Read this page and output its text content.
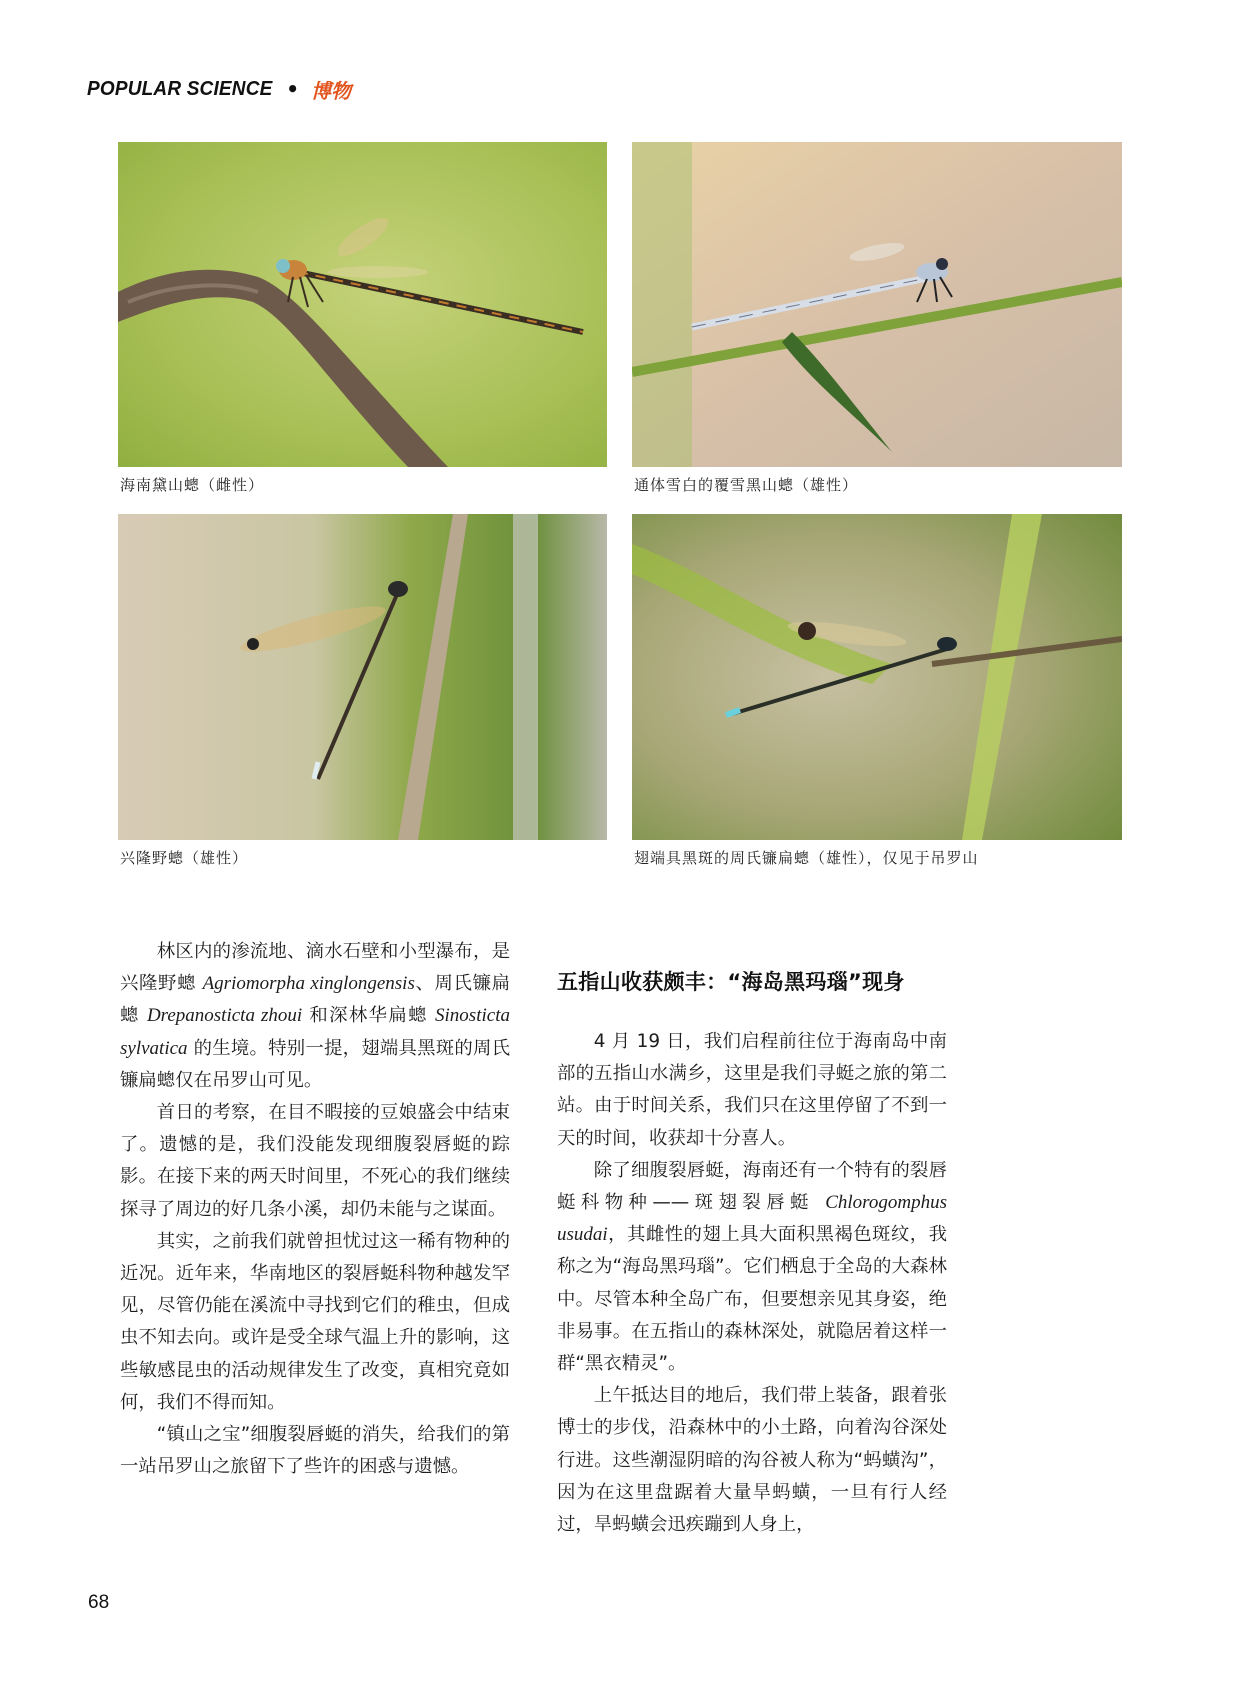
POPULAR SCIENCE • 博物
海南黛山蟌（雌性）	通体雪白的覆雪黑山蟌（雄性）
兴隆野蟌（雄性）	翅端具黑斑的周氏镰扁蟌（雄性），仅见于吊罗山

林区内的渗流地、滴水石壁和小型瀑布，是兴隆野蟌 Agriomorpha xinglongensis、周氏镰扁蟌 Drepanosticta zhoui 和深林华扁蟌 Sinosticta sylvatica 的生境。特别一提，翅端具黑斑的周氏镰扁蟌仅在吊罗山可见。

首日的考察，在目不暇接的豆娘盛会中结束了。遗憾的是，我们没能发现细腹裂唇蜓的踪影。在接下来的两天时间里，不死心的我们继续探寻了周边的好几条小溪，却仍未能与之谋面。

其实，之前我们就曾担忧过这一稀有物种的近况。近年来，华南地区的裂唇蜓科物种越发罕见，尽管仍能在溪流中寻找到它们的稚虫，但成虫不知去向。或许是受全球气温上升的影响，这些敏感昆虫的活动规律发生了改变，真相究竟如何，我们不得而知。

“镇山之宝”细腹裂唇蜓的消失，给我们的第一站吊罗山之旅留下了些许的困惑与遗憾。

五指山收获颇丰：“海岛黑玛瑙”现身

4 月 19 日，我们启程前往位于海南岛中南部的五指山水满乡，这里是我们寻蜓之旅的第二站。由于时间关系，我们只在这里停留了不到一天的时间，收获却十分喜人。

除了细腹裂唇蜓，海南还有一个特有的裂唇蜓科物种——斑翅裂唇蜓 Chlorogomphus usudai，其雌性的翅上具大面积黑褐色斑纹，我称之为“海岛黑玛瑙”。它们栖息于全岛的大森林中。尽管本种全岛广布，但要想亲见其身姿，绝非易事。在五指山的森林深处，就隐居着这样一群“黑衣精灵”。

上午抵达目的地后，我们带上装备，跟着张博士的步伐，沿森林中的小土路，向着沟谷深处行进。这些潮湿阴暗的沟谷被人称为“蚂蟥沟”，因为在这里盘踞着大量旱蚂蟥，一旦有行人经过，旱蚂蟥会迅疾蹦到人身上，

68
